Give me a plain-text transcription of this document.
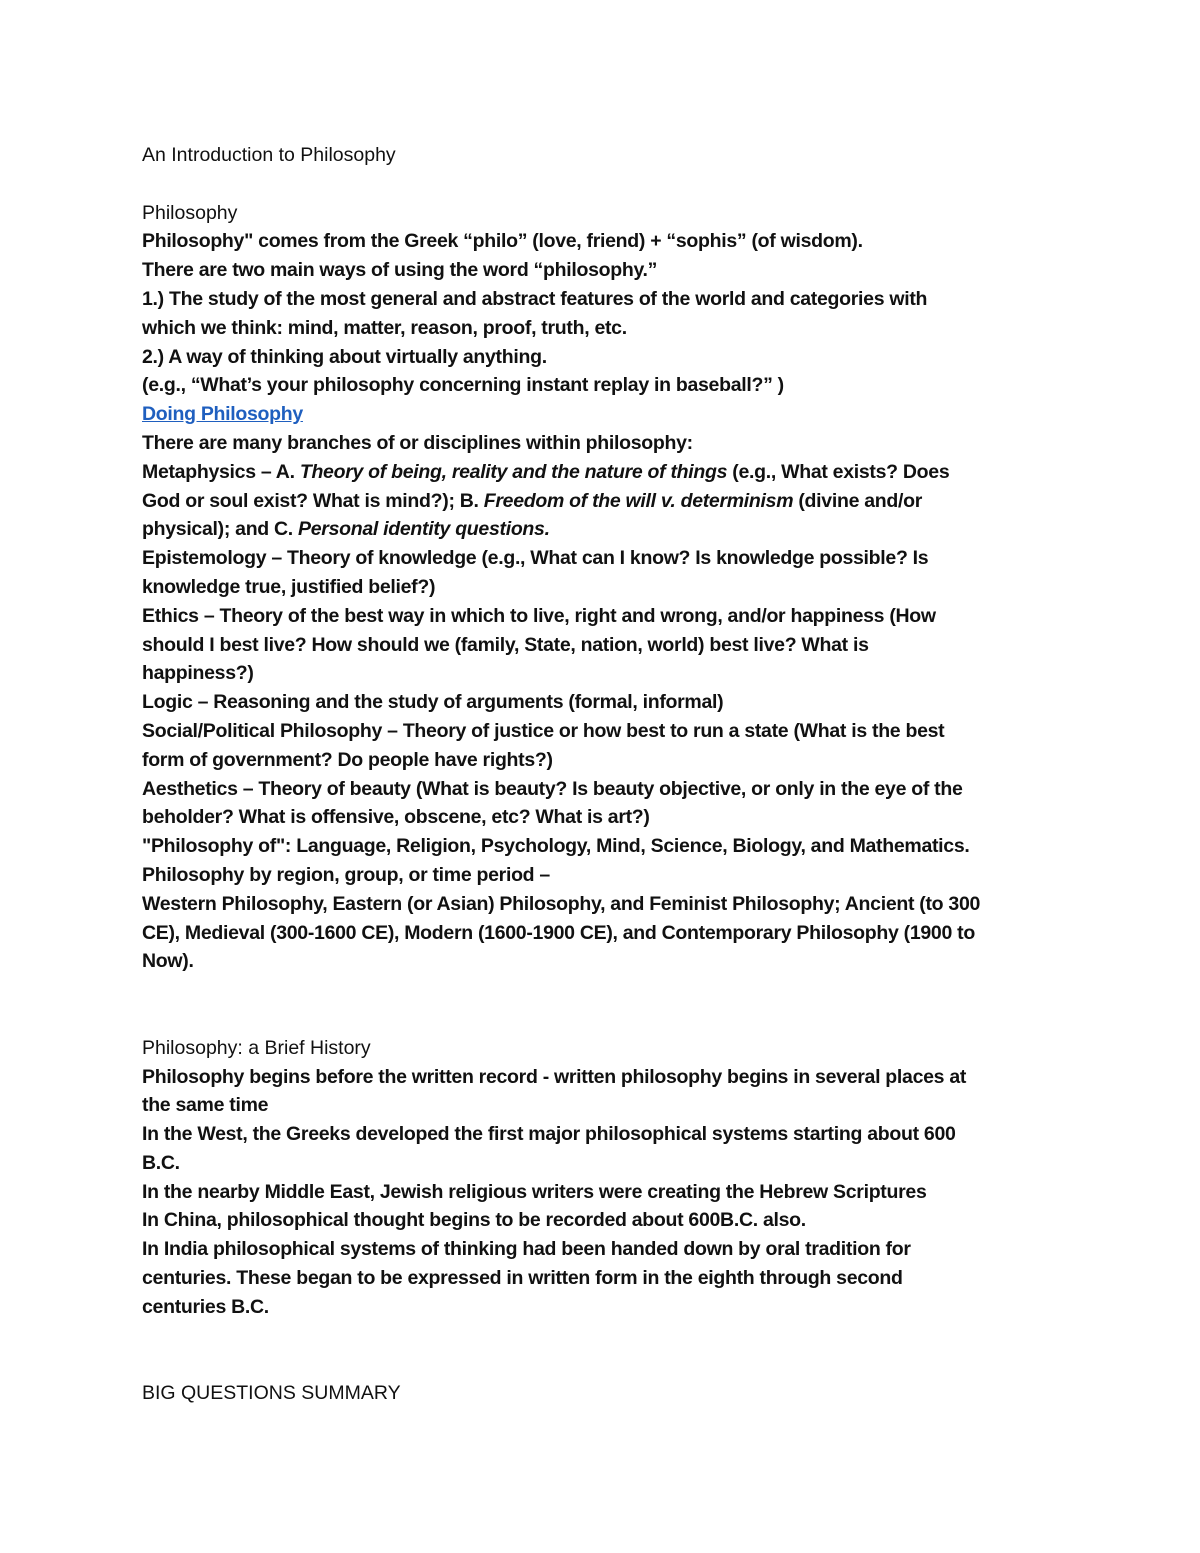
An Introduction to Philosophy
Philosophy
Philosophy" comes from the Greek “philo” (love, friend) + “sophis” (of wisdom).
There are two main ways of using the word “philosophy.”
1.) The study of the most general and abstract features of the world and categories with
which we think: mind, matter, reason, proof, truth, etc.
2.) A way of thinking about virtually anything.
(e.g., “What’s your philosophy concerning instant replay in baseball?” )
Doing Philosophy
There are many branches of or disciplines within philosophy:
Metaphysics – A. Theory of being, reality and the nature of things (e.g., What exists? Does
God or soul exist? What is mind?); B. Freedom of the will v. determinism (divine and/or
physical); and C. Personal identity questions.
Epistemology – Theory of knowledge (e.g., What can I know? Is knowledge possible? Is
knowledge true, justified belief?)
Ethics – Theory of the best way in which to live, right and wrong, and/or happiness (How
should I best live? How should we (family, State, nation, world) best live? What is
happiness?)
Logic – Reasoning and the study of arguments (formal, informal)
Social/Political Philosophy – Theory of justice or how best to run a state (What is the best
form of government? Do people have rights?)
Aesthetics – Theory of beauty (What is beauty? Is beauty objective, or only in the eye of the
beholder? What is offensive, obscene, etc? What is art?)
"Philosophy of": Language, Religion, Psychology, Mind, Science, Biology, and Mathematics.
Philosophy by region, group, or time period –
Western Philosophy, Eastern (or Asian) Philosophy, and Feminist Philosophy; Ancient (to 300
CE), Medieval (300-1600 CE), Modern (1600-1900 CE), and Contemporary Philosophy (1900 to
Now).
Philosophy: a Brief History
Philosophy begins before the written record - written philosophy begins in several places at
the same time
In the West, the Greeks developed the first major philosophical systems starting about 600
B.C.
In the nearby Middle East, Jewish religious writers were creating the Hebrew Scriptures
In China, philosophical thought begins to be recorded about 600B.C. also.
In India philosophical systems of thinking had been handed down by oral tradition for
centuries. These began to be expressed in written form in the eighth through second
centuries B.C.
BIG QUESTIONS SUMMARY
